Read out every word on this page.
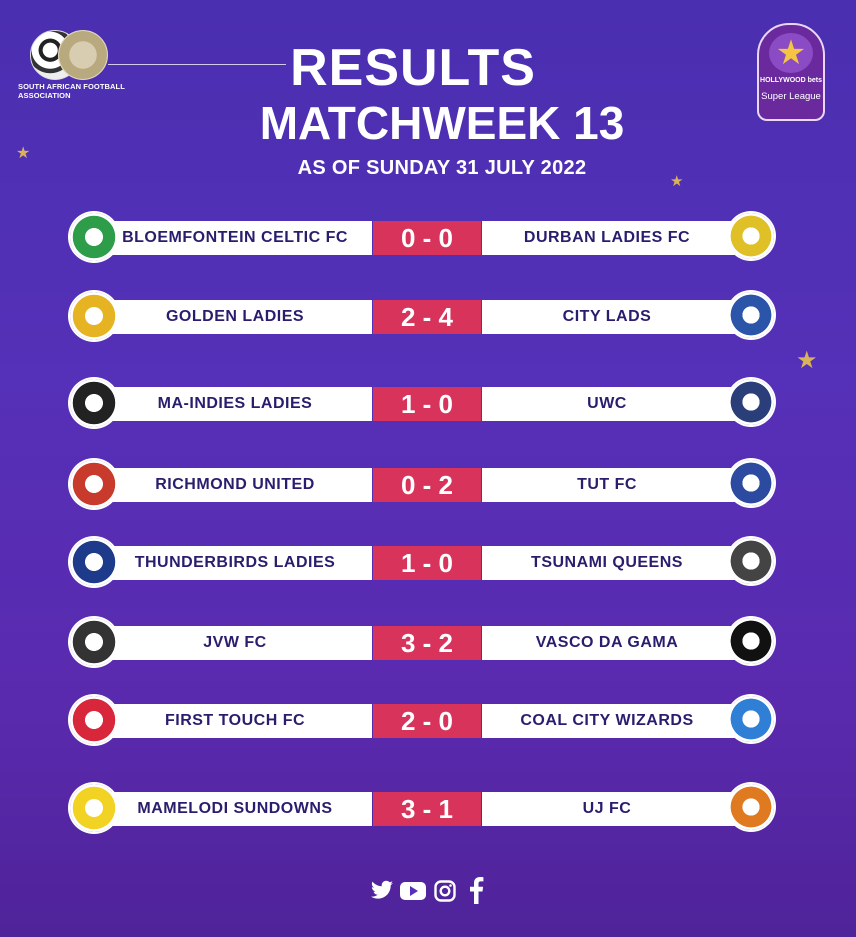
SOUTH AFRICAN FOOTBALL ASSOCIATION	RESULTS
MATCHWEEK 13
AS OF SUNDAY 31 JULY 2022
★
HOLLYWOOD bets
Super League
★
★
★
BLOEMFONTEIN CELTIC FC	0 - 0	DURBAN LADIES FC
GOLDEN LADIES	2 - 4	CITY LADS
MA-INDIES LADIES	1 - 0	UWC
RICHMOND UNITED	0 - 2	TUT FC
THUNDERBIRDS LADIES	1 - 0	TSUNAMI QUEENS
JVW FC	3 - 2	VASCO DA GAMA
FIRST TOUCH FC	2 - 0	COAL CITY WIZARDS
MAMELODI SUNDOWNS	3 - 1	UJ FC
